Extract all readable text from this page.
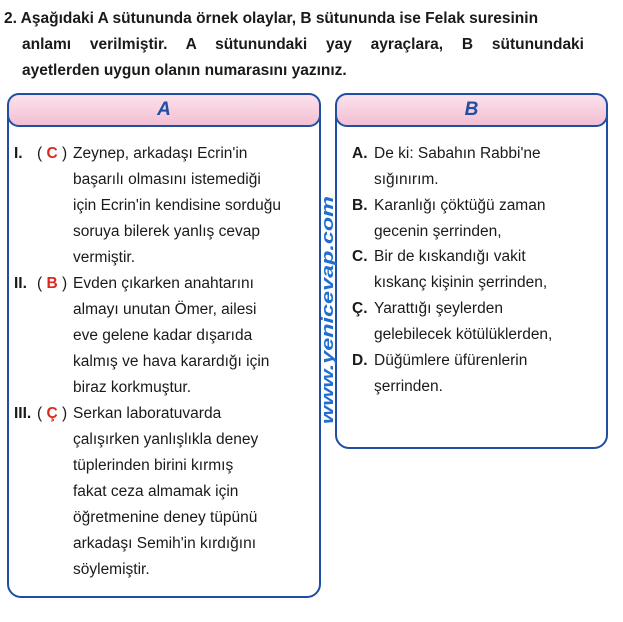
2. Aşağıdaki A sütununda örnek olaylar, B sütununda ise Felak suresinin
anlamı verilmiştir. A sütunundaki yay ayraçlara, B sütunundaki
ayetlerden uygun olanın numarasını yazınız.
A	B
I. ( C ) Zeynep, arkadaşı Ecrin'in
başarılı olmasını istemediği
için Ecrin'in kendisine sorduğu
soruya bilerek yanlış cevap
vermiştir.
II. ( B ) Evden çıkarken anahtarını
almayı unutan Ömer, ailesi
eve gelene kadar dışarıda
kalmış ve hava karardığı için
biraz korkmuştur.
III. ( Ç ) Serkan laboratuvarda
çalışırken yanlışlıkla deney
tüplerinden birini kırmış
fakat ceza almamak için
öğretmenine deney tüpünü
arkadaşı Semih'in kırdığını
söylemiştir.
A. De ki: Sabahın Rabbi'ne
sığınırım.
B. Karanlığı çöktüğü zaman
gecenin şerrinden,
C. Bir de kıskandığı vakit
kıskanç kişinin şerrinden,
Ç. Yarattığı şeylerden
gelebilecek kötülüklerden,
D. Düğümlere üfürenlerin
şerrinden.
www.yenicevap.com
